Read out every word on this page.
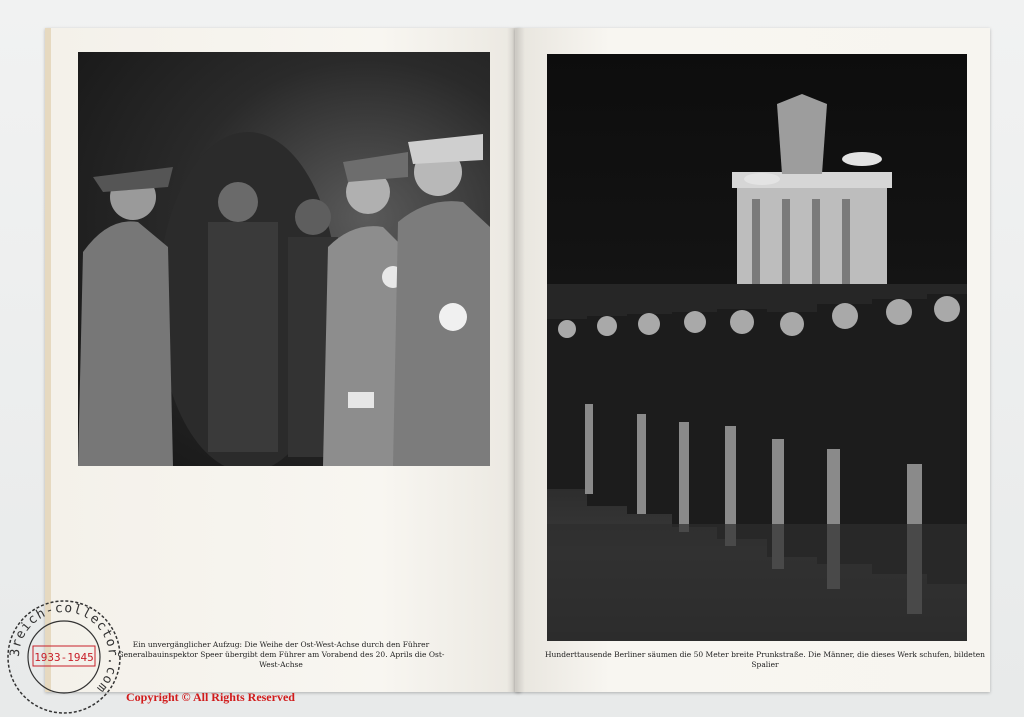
Ein unvergänglicher Aufzug: Die Weihe der Ost-West-Achse durch den Führer
Generalbauinspektor Speer übergibt dem Führer am Vorabend des 20. Aprils die Ost-West-Achse
Hunderttausende Berliner säumen die 50 Meter breite Prunkstraße. Die Männer, die dieses Werk schufen, bildeten Spalier
3reich-collector.com
1933-1945
Copyright © All Rights Reserved
